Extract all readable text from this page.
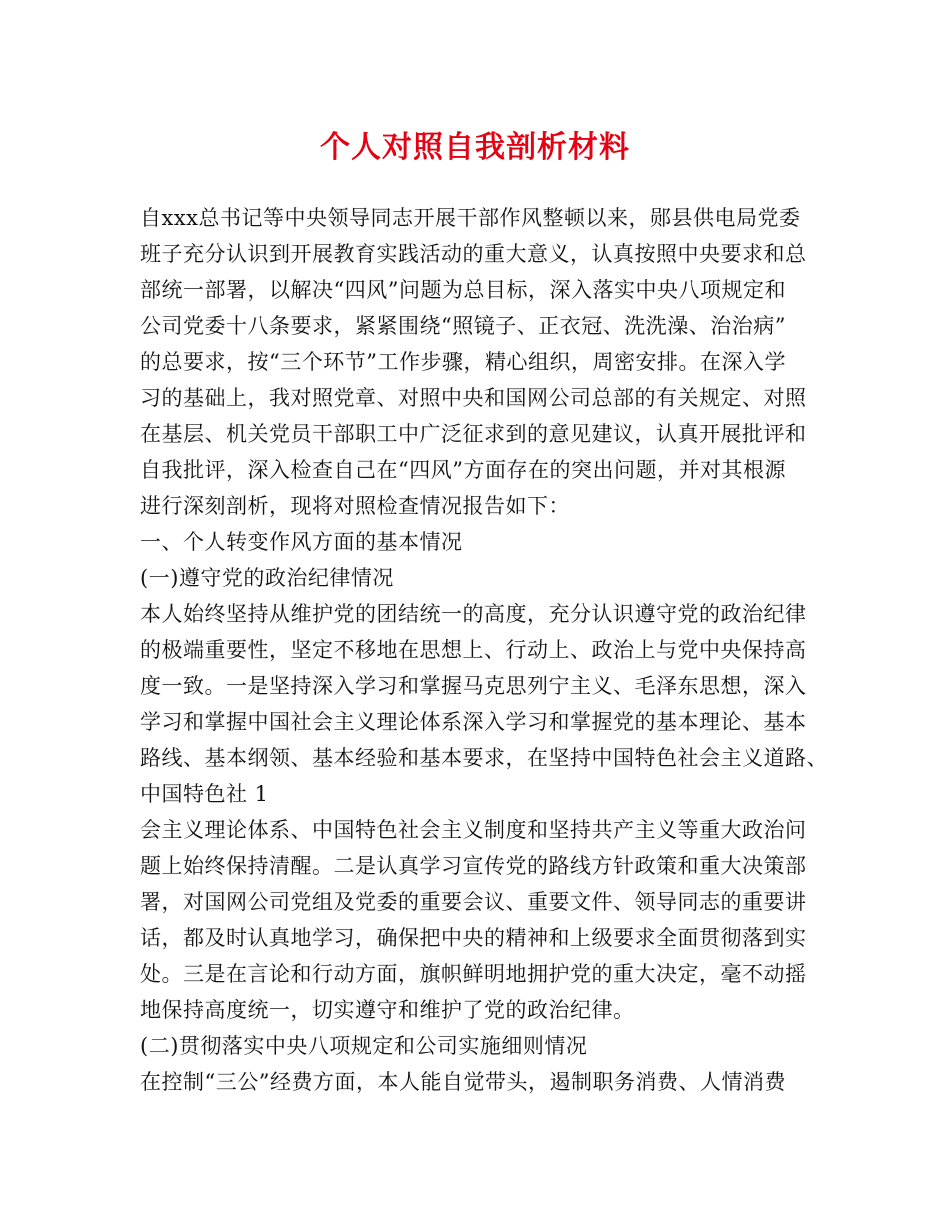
个人对照自我剖析材料
自xxx总书记等中央领导同志开展干部作风整顿以来，郧县供电局党委
班子充分认识到开展教育实践活动的重大意义，认真按照中央要求和总
部统一部署，以解决“四风”问题为总目标，深入落实中央八项规定和
公司党委十八条要求，紧紧围绕“照镜子、正衣冠、洗洗澡、治治病”
的总要求，按“三个环节”工作步骤，精心组织，周密安排。在深入学
习的基础上，我对照党章、对照中央和国网公司总部的有关规定、对照
在基层、机关党员干部职工中广泛征求到的意见建议，认真开展批评和
自我批评，深入检查自己在“四风”方面存在的突出问题，并对其根源
进行深刻剖析，现将对照检查情况报告如下：
一、个人转变作风方面的基本情况
(一)遵守党的政治纪律情况
本人始终坚持从维护党的团结统一的高度，充分认识遵守党的政治纪律
的极端重要性，坚定不移地在思想上、行动上、政治上与党中央保持高
度一致。一是坚持深入学习和掌握马克思列宁主义、毛泽东思想，深入
学习和掌握中国社会主义理论体系深入学习和掌握党的基本理论、基本
路线、基本纲领、基本经验和基本要求，在坚持中国特色社会主义道路、
中国特色社 1
会主义理论体系、中国特色社会主义制度和坚持共产主义等重大政治问
题上始终保持清醒。二是认真学习宣传党的路线方针政策和重大决策部
署，对国网公司党组及党委的重要会议、重要文件、领导同志的重要讲
话，都及时认真地学习，确保把中央的精神和上级要求全面贯彻落到实
处。三是在言论和行动方面，旗帜鲜明地拥护党的重大决定，毫不动摇
地保持高度统一，切实遵守和维护了党的政治纪律。
(二)贯彻落实中央八项规定和公司实施细则情况
在控制“三公”经费方面，本人能自觉带头，遏制职务消费、人情消费
